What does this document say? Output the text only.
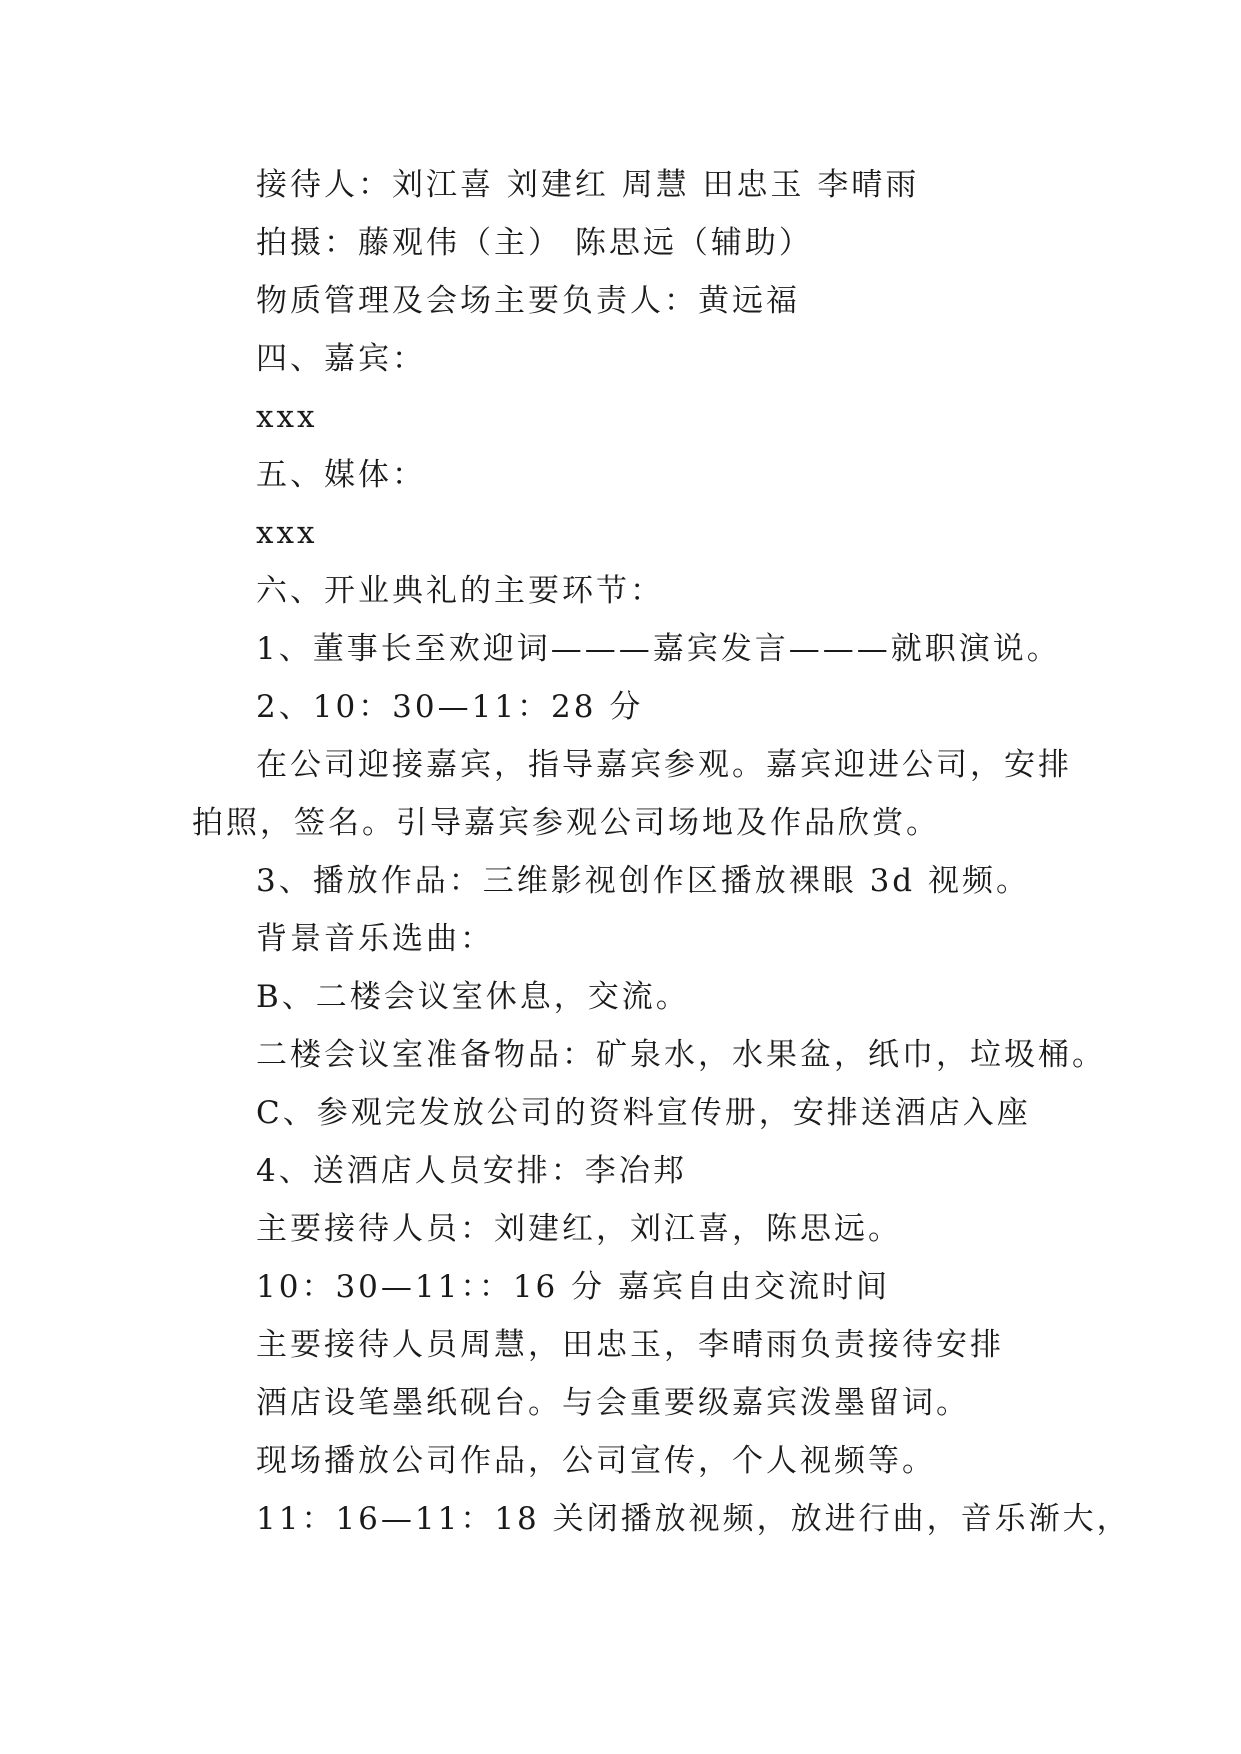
接待人：刘江喜 刘建红 周慧 田忠玉 李晴雨
拍摄：藤观伟（主） 陈思远（辅助）
物质管理及会场主要负责人：黄远福
四、嘉宾：
xxx
五、媒体：
xxx
六、开业典礼的主要环节：
1、董事长至欢迎词———嘉宾发言———就职演说。
2、10：30—11：28 分
在公司迎接嘉宾，指导嘉宾参观。嘉宾迎进公司，安排
拍照，签名。引导嘉宾参观公司场地及作品欣赏。
3、播放作品：三维影视创作区播放裸眼 3d 视频。
背景音乐选曲：
B、二楼会议室休息，交流。
二楼会议室准备物品：矿泉水，水果盆，纸巾，垃圾桶。
C、参观完发放公司的资料宣传册，安排送酒店入座
4、送酒店人员安排：李冶邦
主要接待人员：刘建红，刘江喜，陈思远。
10：30—11：：16 分 嘉宾自由交流时间
主要接待人员周慧，田忠玉，李晴雨负责接待安排
酒店设笔墨纸砚台。与会重要级嘉宾泼墨留词。
现场播放公司作品，公司宣传，个人视频等。
11：16—11：18 关闭播放视频，放进行曲，音乐渐大，
